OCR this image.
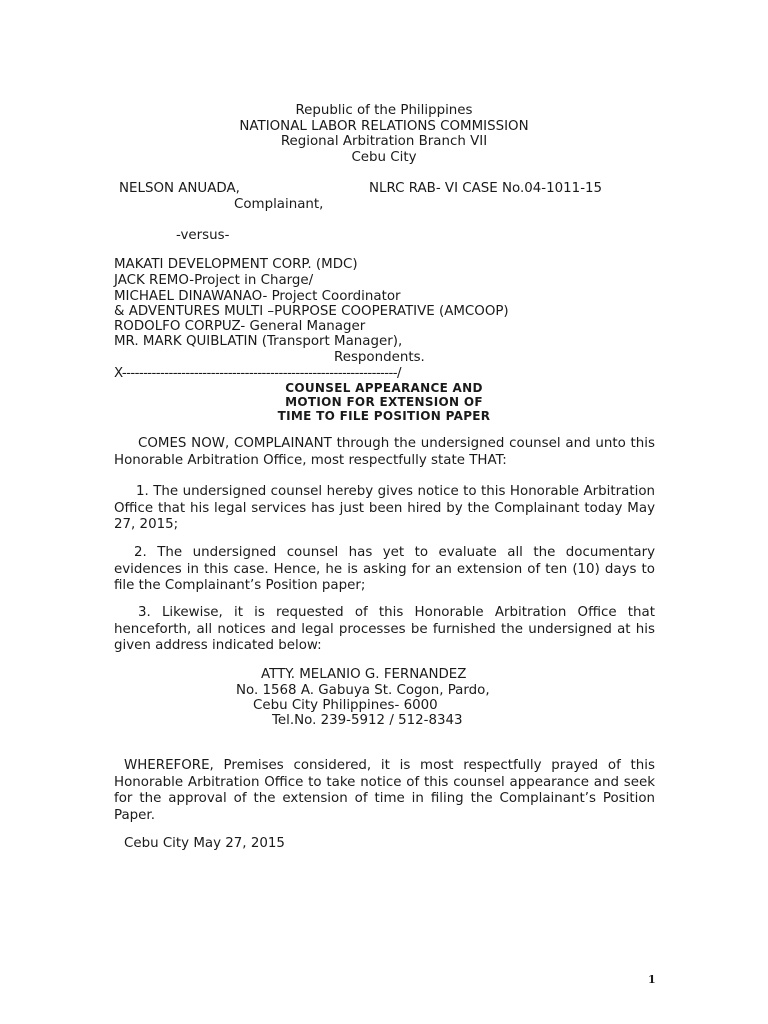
Republic of the Philippines
NATIONAL LABOR RELATIONS COMMISSION
Regional Arbitration Branch VII
Cebu City
NELSON ANUADA,	NLRC RAB- VI CASE No.04-1011-15
Complainant,
-versus-
MAKATI DEVELOPMENT CORP. (MDC)
JACK REMO-Project in Charge/
MICHAEL DINAWANAO- Project Coordinator
& ADVENTURES MULTI –PURPOSE COOPERATIVE (AMCOOP)
RODOLFO CORPUZ- General Manager
MR. MARK QUIBLATIN (Transport Manager),
Respondents.
X-----------------------------------------------------------------/
COUNSEL APPEARANCE AND
MOTION FOR EXTENSION OF
TIME TO FILE POSITION PAPER
COMES NOW, COMPLAINANT through the undersigned counsel and unto this Honorable Arbitration Office, most respectfully state THAT:
1. The undersigned counsel hereby gives notice to this Honorable Arbitration Office that his legal services has just been hired by the Complainant today May 27, 2015;
2. The undersigned counsel has yet to evaluate all the documentary evidences in this case. Hence, he is asking for an extension of ten (10) days to file the Complainant’s Position paper;
3. Likewise, it is requested of this Honorable Arbitration Office that henceforth, all notices and legal processes be furnished the undersigned at his given address indicated below:
ATTY. MELANIO G. FERNANDEZ
No. 1568 A. Gabuya St. Cogon, Pardo,
Cebu City Philippines- 6000
Tel.No. 239-5912 / 512-8343
WHEREFORE, Premises considered, it is most respectfully prayed of this Honorable Arbitration Office to take notice of this counsel appearance and seek for the approval of the extension of time in filing the Complainant’s Position Paper.
Cebu City May 27, 2015
1
